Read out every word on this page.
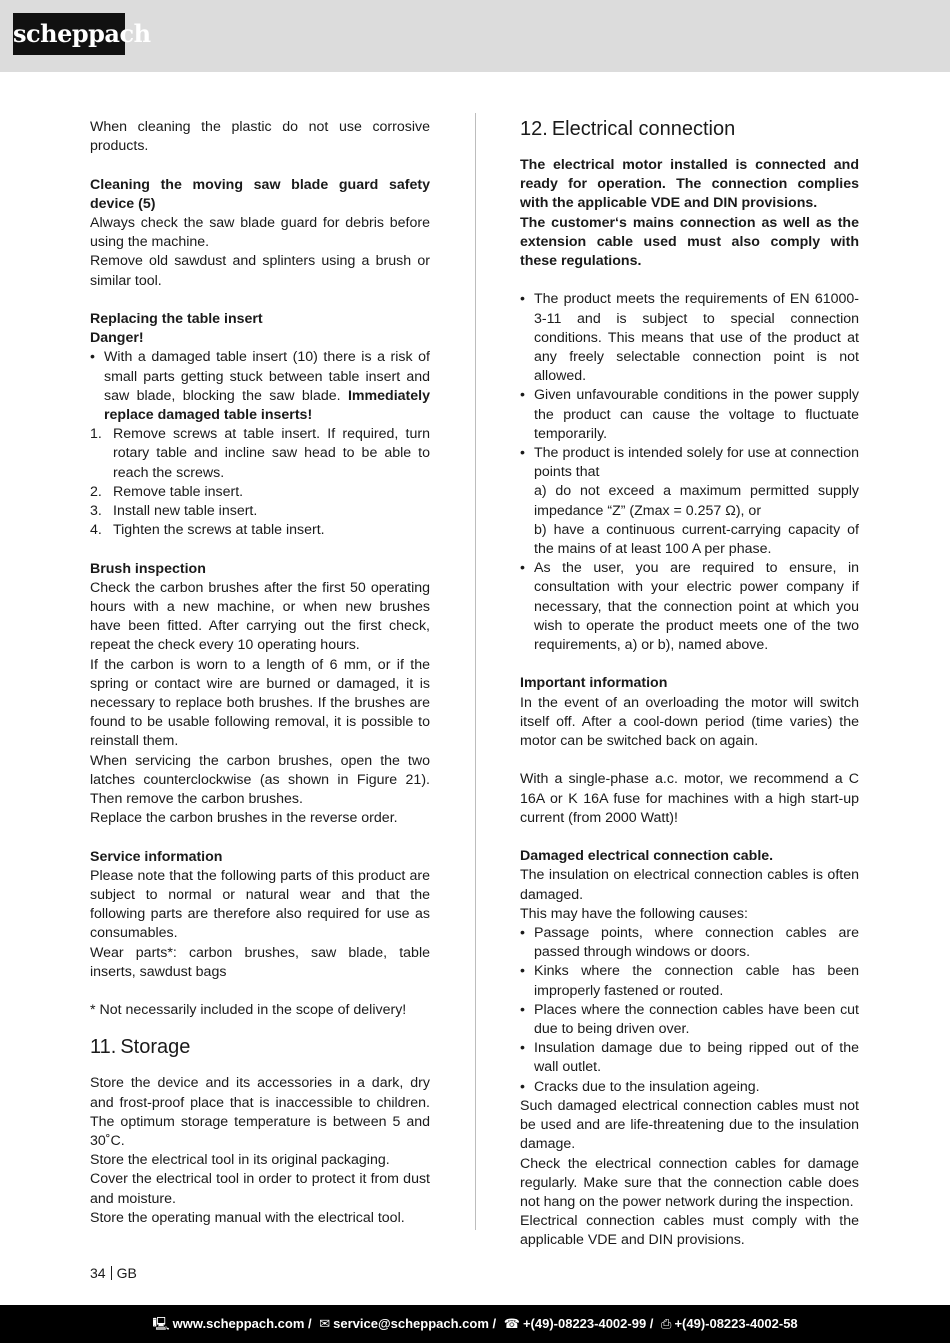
scheppach

When cleaning the plastic do not use corrosive products.

Cleaning the moving saw blade guard safety device (5)

Always check the saw blade guard for debris before using the machine.

Remove old sawdust and splinters using a brush or similar tool.

Replacing the table insert

Danger!

• With a damaged table insert (10) there is a risk of small parts getting stuck between table insert and saw blade, blocking the saw blade. Immediately replace damaged table inserts!
1. Remove screws at table insert. If required, turn rotary table and incline saw head to be able to reach the screws.
2. Remove table insert.
3. Install new table insert.
4. Tighten the screws at table insert.

Brush inspection

Check the carbon brushes after the first 50 operating hours with a new machine, or when new brushes have been fitted. After carrying out the first check, repeat the check every 10 operating hours.

If the carbon is worn to a length of 6 mm, or if the spring or contact wire are burned or damaged, it is necessary to replace both brushes. If the brushes are found to be usable following removal, it is possible to reinstall them.

When servicing the carbon brushes, open the two latches counterclockwise (as shown in Figure 21). Then remove the carbon brushes.

Replace the carbon brushes in the reverse order.

Service information

Please note that the following parts of this product are subject to normal or natural wear and that the following parts are therefore also required for use as consumables.

Wear parts*: carbon brushes, saw blade, table inserts, sawdust bags

* Not necessarily included in the scope of delivery!

11. Storage

Store the device and its accessories in a dark, dry and frost-proof place that is inaccessible to children. The optimum storage temperature is between 5 and 30˚C.

Store the electrical tool in its original packaging.

Cover the electrical tool in order to protect it from dust and moisture.

Store the operating manual with the electrical tool.

12. Electrical connection

The electrical motor installed is connected and ready for operation. The connection complies with the applicable VDE and DIN provisions.

The customer‘s mains connection as well as the extension cable used must also comply with these regulations.

• The product meets the requirements of EN 61000-3-11 and is subject to special connection conditions. This means that use of the product at any freely selectable connection point is not allowed.
• Given unfavourable conditions in the power supply the product can cause the voltage to fluctuate temporarily.
• The product is intended solely for use at connection points that
a) do not exceed a maximum permitted supply impedance “Z” (Zmax = 0.257 Ω), or
b) have a continuous current-carrying capacity of the mains of at least 100 A per phase.
• As the user, you are required to ensure, in consultation with your electric power company if necessary, that the connection point at which you wish to operate the product meets one of the two requirements, a) or b), named above.

Important information

In the event of an overloading the motor will switch itself off. After a cool-down period (time varies) the motor can be switched back on again.

With a single-phase a.c. motor, we recommend a C 16A or K 16A fuse for machines with a high start-up current (from 2000 Watt)!

Damaged electrical connection cable.

The insulation on electrical connection cables is often damaged.

This may have the following causes:

• Passage points, where connection cables are passed through windows or doors.
• Kinks where the connection cable has been improperly fastened or routed.
• Places where the connection cables have been cut due to being driven over.
• Insulation damage due to being ripped out of the wall outlet.
• Cracks due to the insulation ageing.

Such damaged electrical connection cables must not be used and are life-threatening due to the insulation damage.

Check the electrical connection cables for damage regularly. Make sure that the connection cable does not hang on the power network during the inspection.

Electrical connection cables must comply with the applicable VDE and DIN provisions.

34 GB
🖳 www.scheppach.com / ✉ service@scheppach.com / ☎ +(49)-08223-4002-99 / ⎙ +(49)-08223-4002-58
